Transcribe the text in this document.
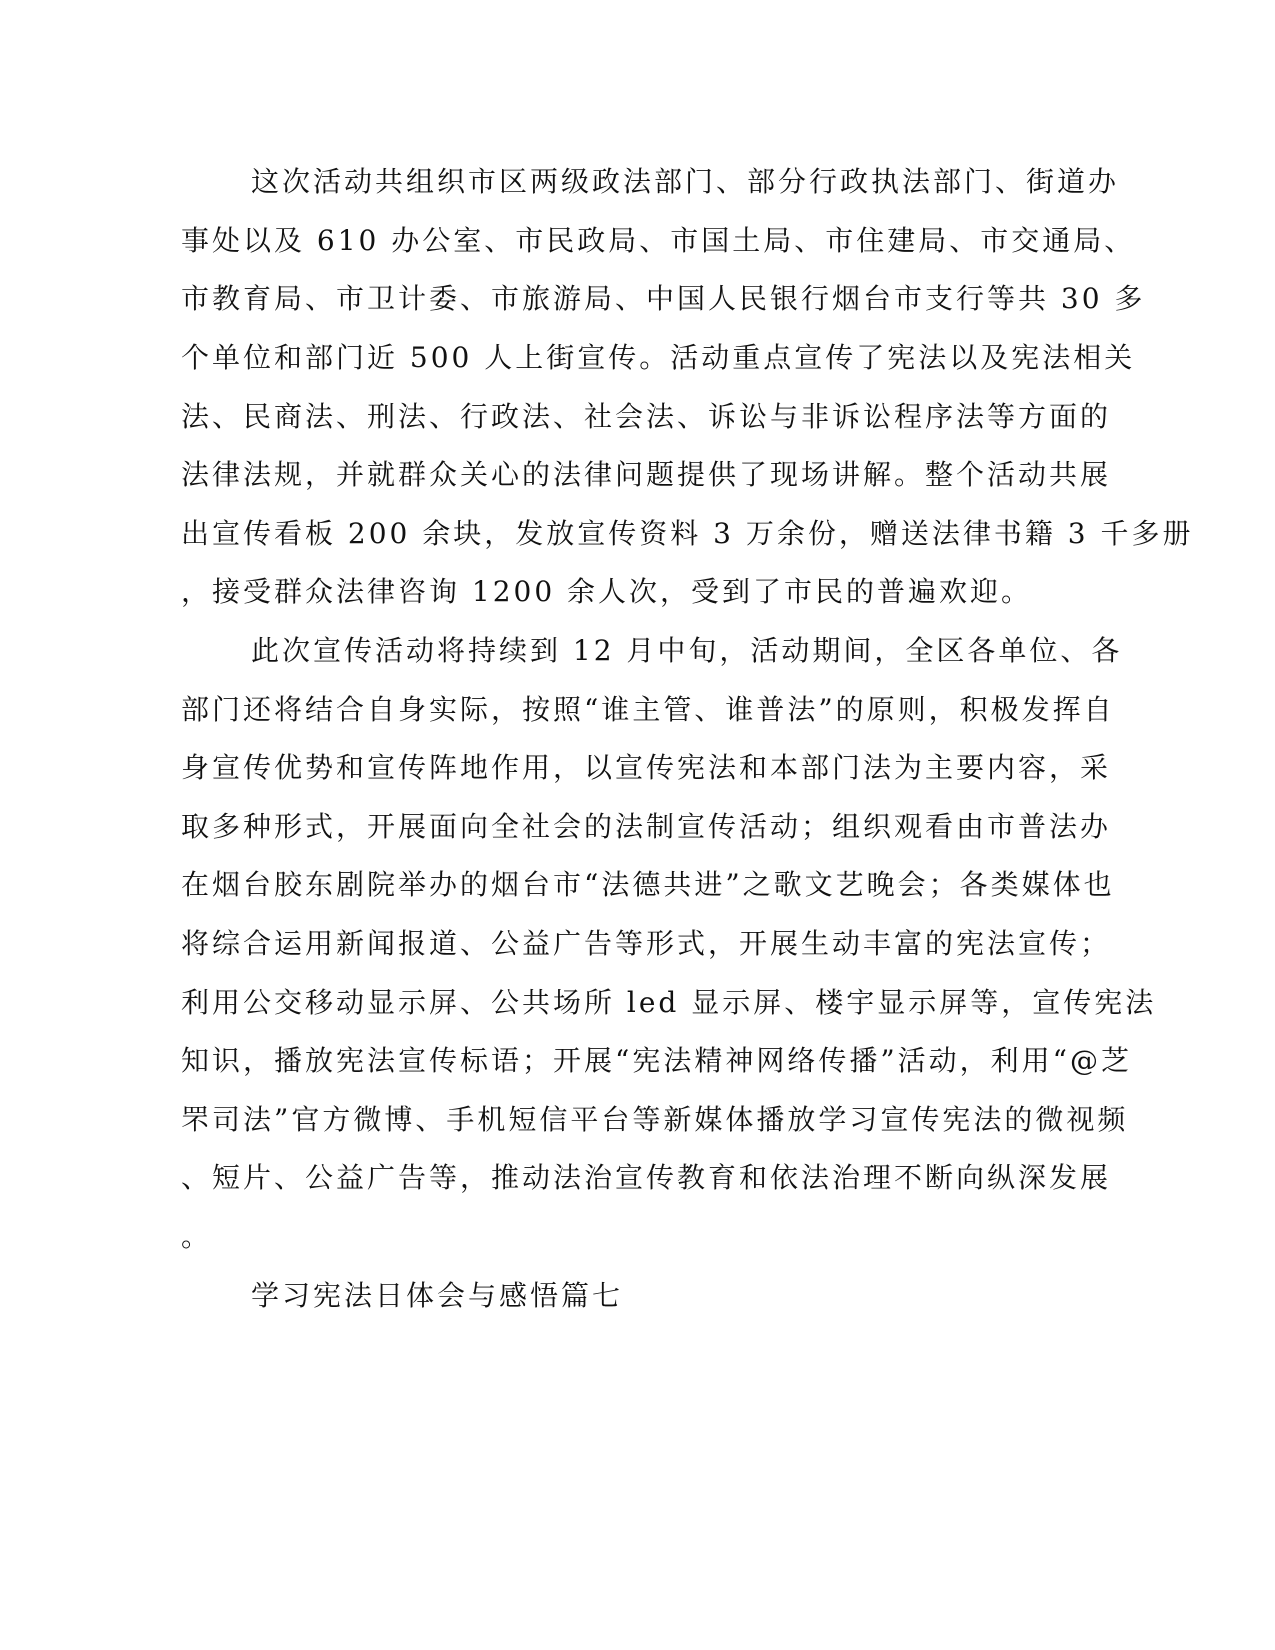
这次活动共组织市区两级政法部门、部分行政执法部门、街道办
事处以及 610 办公室、市民政局、市国土局、市住建局、市交通局、
市教育局、市卫计委、市旅游局、中国人民银行烟台市支行等共 30 多
个单位和部门近 500 人上街宣传。活动重点宣传了宪法以及宪法相关
法、民商法、刑法、行政法、社会法、诉讼与非诉讼程序法等方面的
法律法规，并就群众关心的法律问题提供了现场讲解。整个活动共展
出宣传看板 200 余块，发放宣传资料 3 万余份，赠送法律书籍 3 千多册
，接受群众法律咨询 1200 余人次，受到了市民的普遍欢迎。
此次宣传活动将持续到 12 月中旬，活动期间，全区各单位、各
部门还将结合自身实际，按照“谁主管、谁普法”的原则，积极发挥自
身宣传优势和宣传阵地作用，以宣传宪法和本部门法为主要内容，采
取多种形式，开展面向全社会的法制宣传活动；组织观看由市普法办
在烟台胶东剧院举办的烟台市“法德共进”之歌文艺晚会；各类媒体也
将综合运用新闻报道、公益广告等形式，开展生动丰富的宪法宣传；
利用公交移动显示屏、公共场所 led 显示屏、楼宇显示屏等，宣传宪法
知识，播放宪法宣传标语；开展“宪法精神网络传播”活动，利用“@芝
罘司法”官方微博、手机短信平台等新媒体播放学习宣传宪法的微视频
、短片、公益广告等，推动法治宣传教育和依法治理不断向纵深发展
。
学习宪法日体会与感悟篇七
